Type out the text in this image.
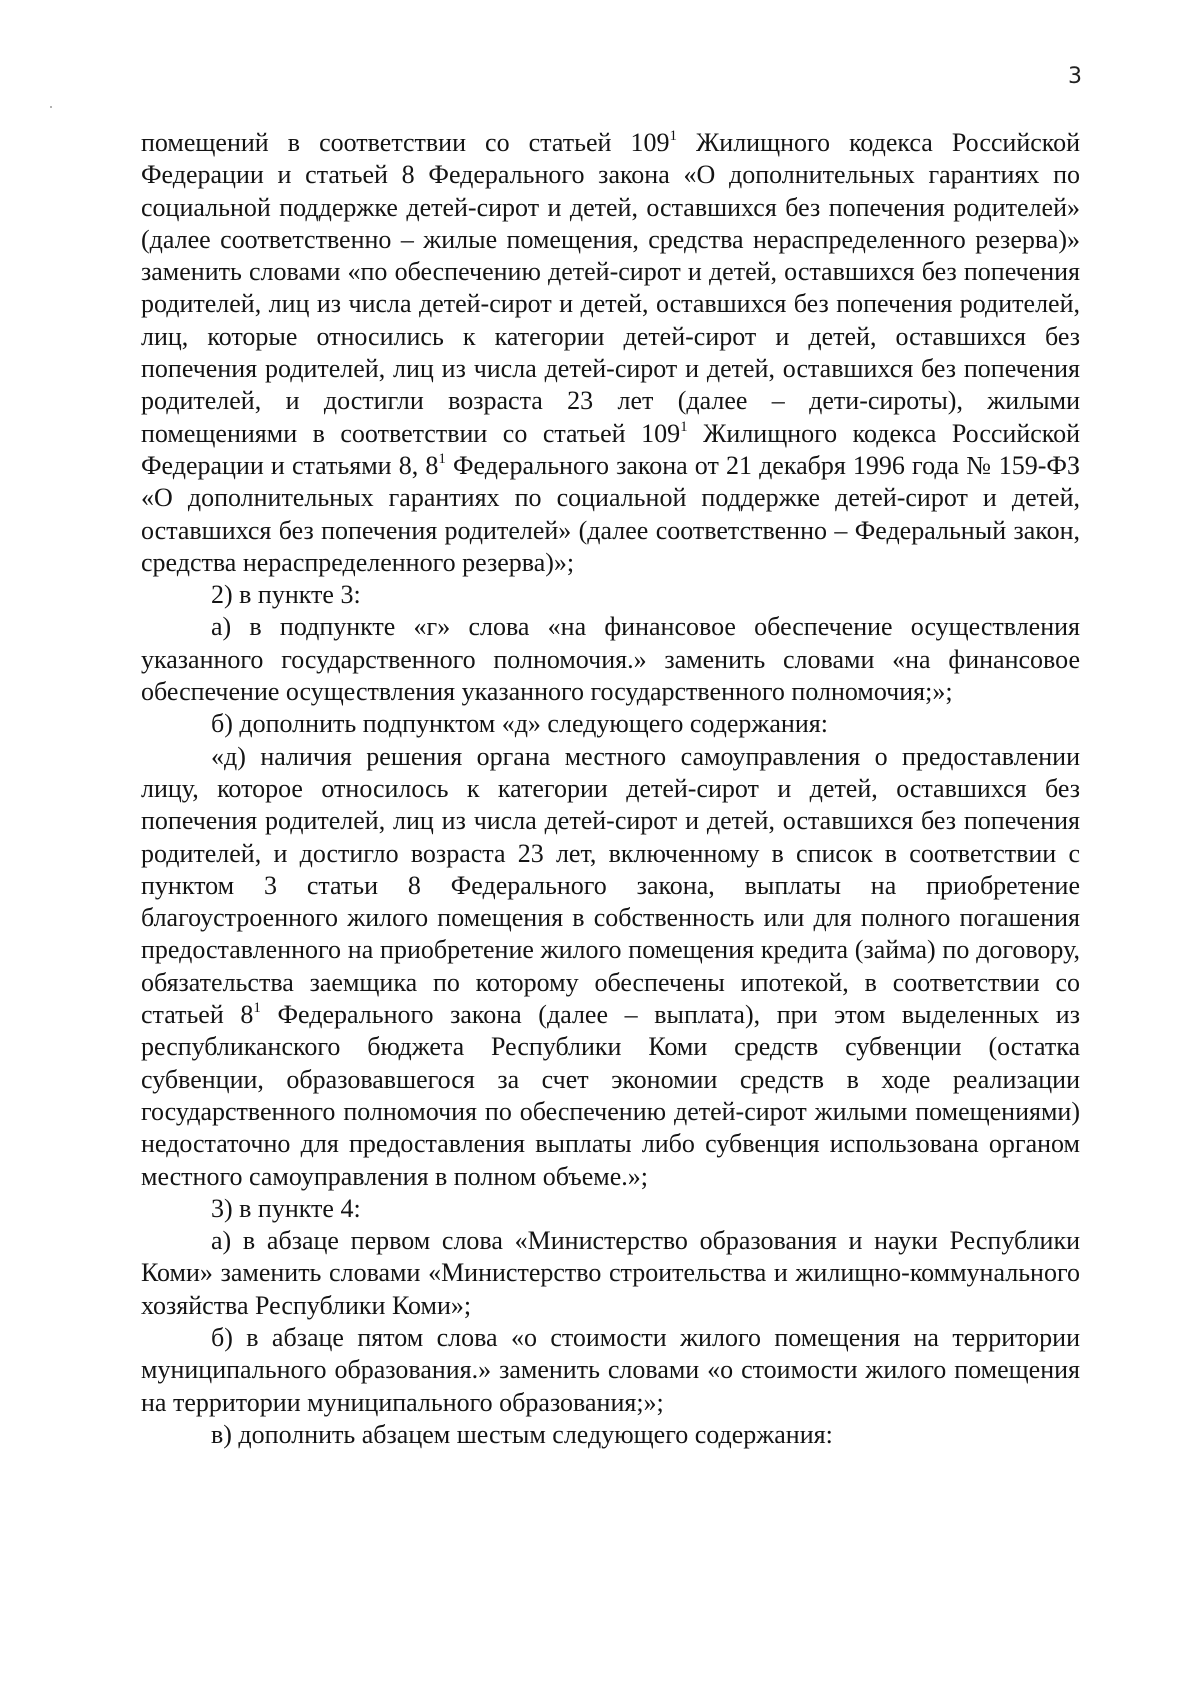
3

помещений в соответствии со статьей $109^1$ Жилищного кодекса Российской Федерации и статьей 8 Федерального закона «О дополнительных гарантиях по социальной поддержке детей-сирот и детей, оставшихся без попечения родителей» (далее соответственно – жилые помещения, средства нераспределенного резерва)» заменить словами «по обеспечению детей-сирот и детей, оставшихся без попечения родителей, лиц из числа детей-сирот и детей, оставшихся без попечения родителей, лиц, которые относились к категории детей-сирот и детей, оставшихся без попечения родителей, лиц из числа детей-сирот и детей, оставшихся без попечения родителей, и достигли возраста 23 лет (далее – дети-сироты), жилыми помещениями в соответствии со статьей $109^1$ Жилищного кодекса Российской Федерации и статьями 8, $8^1$ Федерального закона от 21 декабря 1996 года № 159-ФЗ «О дополнительных гарантиях по социальной поддержке детей-сирот и детей, оставшихся без попечения родителей» (далее соответственно – Федеральный закон, средства нераспределенного резерва)»;

2) в пункте 3:

а) в подпункте «г» слова «на финансовое обеспечение осуществления указанного государственного полномочия.» заменить словами «на финансовое обеспечение осуществления указанного государственного полномочия;»;

б) дополнить подпунктом «д» следующего содержания:

«д) наличия решения органа местного самоуправления о предоставлении лицу, которое относилось к категории детей-сирот и детей, оставшихся без попечения родителей, лиц из числа детей-сирот и детей, оставшихся без попечения родителей, и достигло возраста 23 лет, включенному в список в соответствии с пунктом 3 статьи 8 Федерального закона, выплаты на приобретение благоустроенного жилого помещения в собственность или для полного погашения предоставленного на приобретение жилого помещения кредита (займа) по договору, обязательства заемщика по которому обеспечены ипотекой, в соответствии со статьей $8^1$ Федерального закона (далее – выплата), при этом выделенных из республиканского бюджета Республики Коми средств субвенции (остатка субвенции, образовавшегося за счет экономии средств в ходе реализации государственного полномочия по обеспечению детей-сирот жилыми помещениями) недостаточно для предоставления выплаты либо субвенция использована органом местного самоуправления в полном объеме.»;

3) в пункте 4:

а) в абзаце первом слова «Министерство образования и науки Республики Коми» заменить словами «Министерство строительства и жилищно-коммунального хозяйства Республики Коми»;

б) в абзаце пятом слова «о стоимости жилого помещения на территории муниципального образования.» заменить словами «о стоимости жилого помещения на территории муниципального образования;»;

в) дополнить абзацем шестым следующего содержания:
